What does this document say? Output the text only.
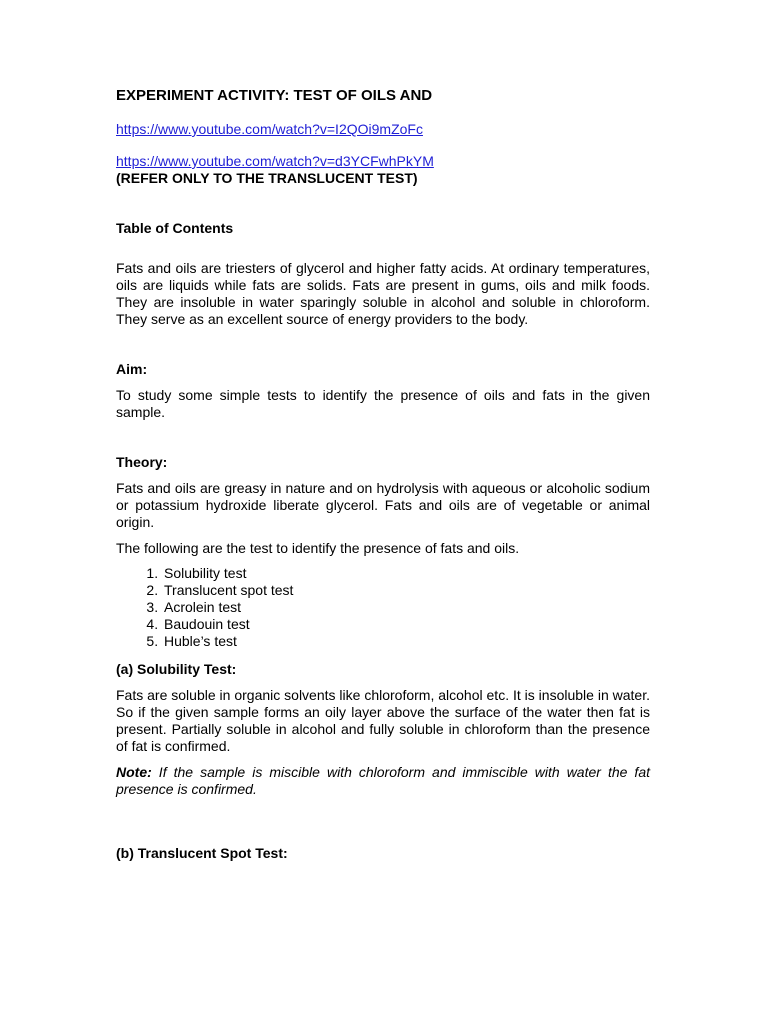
EXPERIMENT ACTIVITY: TEST OF OILS AND

https://www.youtube.com/watch?v=I2QOi9mZoFc
https://www.youtube.com/watch?v=d3YCFwhPkYM

(REFER ONLY TO THE TRANSLUCENT TEST)

Table of Contents

Fats and oils are triesters of glycerol and higher fatty acids. At ordinary temperatures, oils are liquids while fats are solids. Fats are present in gums, oils and milk foods. They are insoluble in water sparingly soluble in alcohol and soluble in chloroform. They serve as an excellent source of energy providers to the body.

Aim:

To study some simple tests to identify the presence of oils and fats in the given sample.

Theory:

Fats and oils are greasy in nature and on hydrolysis with aqueous or alcoholic sodium or potassium hydroxide liberate glycerol. Fats and oils are of vegetable or animal origin.

The following are the test to identify the presence of fats and oils.

1. Solubility test
2. Translucent spot test
3. Acrolein test
4. Baudouin test
5. Huble’s test

(a) Solubility Test:

Fats are soluble in organic solvents like chloroform, alcohol etc. It is insoluble in water. So if the given sample forms an oily layer above the surface of the water then fat is present. Partially soluble in alcohol and fully soluble in chloroform than the presence of fat is confirmed.

Note: If the sample is miscible with chloroform and immiscible with water the fat presence is confirmed.

(b) Translucent Spot Test:
